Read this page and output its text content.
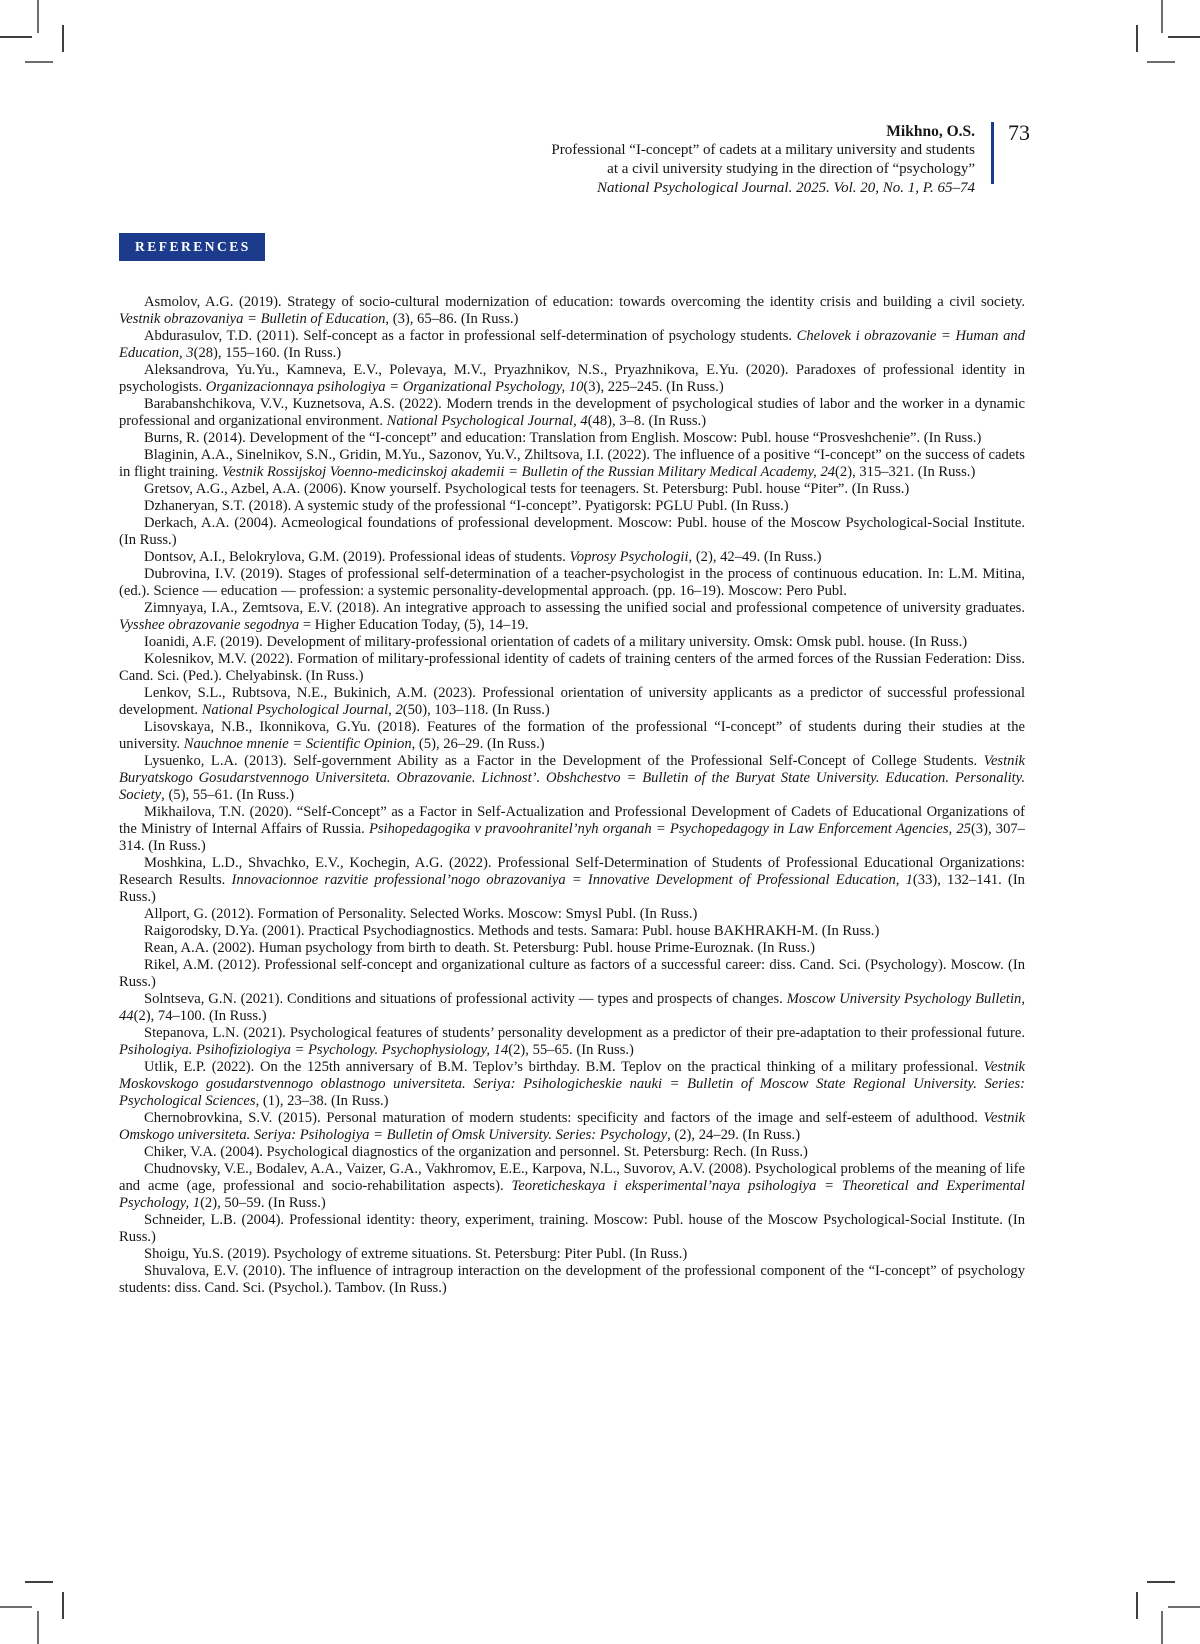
Mikhno, O.S.
Professional “I-concept” of cadets at a military university and students
at a civil university studying in the direction of “psychology”
National Psychological Journal. 2025. Vol. 20, No. 1, P. 65–74
73
REFERENCES

Asmolov, A.G. (2019). Strategy of socio-cultural modernization of education: towards overcoming the identity crisis and building a civil society. Vestnik obrazovaniya = Bulletin of Education, (3), 65–86. (In Russ.)

Abdurasulov, T.D. (2011). Self-concept as a factor in professional self-determination of psychology students. Chelovek i obrazovanie = Human and Education, 3(28), 155–160. (In Russ.)

Aleksandrova, Yu.Yu., Kamneva, E.V., Polevaya, M.V., Pryazhnikov, N.S., Pryazhnikova, E.Yu. (2020). Paradoxes of professional identity in psychologists. Organizacionnaya psihologiya = Organizational Psychology, 10(3), 225–245. (In Russ.)

Barabanshchikova, V.V., Kuznetsova, A.S. (2022). Modern trends in the development of psychological studies of labor and the worker in a dynamic professional and organizational environment. National Psychological Journal, 4(48), 3–8. (In Russ.)

Burns, R. (2014). Development of the “I-concept” and education: Translation from English. Moscow: Publ. house “Prosveshchenie”. (In Russ.)

Blaginin, A.A., Sinelnikov, S.N., Gridin, M.Yu., Sazonov, Yu.V., Zhiltsova, I.I. (2022). The influence of a positive “I-concept” on the success of cadets in flight training. Vestnik Rossijskoj Voenno-medicinskoj akademii = Bulletin of the Russian Military Medical Academy, 24(2), 315–321. (In Russ.)

Gretsov, A.G., Azbel, A.A. (2006). Know yourself. Psychological tests for teenagers. St. Petersburg: Publ. house “Piter”. (In Russ.)

Dzhaneryan, S.T. (2018). A systemic study of the professional “I-concept”. Pyatigorsk: PGLU Publ. (In Russ.)

Derkach, A.A. (2004). Acmeological foundations of professional development. Moscow: Publ. house of the Moscow Psychological-Social Institute. (In Russ.)

Dontsov, A.I., Belokrylova, G.M. (2019). Professional ideas of students. Voprosy Psychologii, (2), 42–49. (In Russ.)

Dubrovina, I.V. (2019). Stages of professional self-determination of a teacher-psychologist in the process of continuous education. In: L.M. Mitina, (ed.). Science — education — profession: a systemic personality-developmental approach. (pp. 16–19). Moscow: Pero Publ.

Zimnyaya, I.A., Zemtsova, E.V. (2018). An integrative approach to assessing the unified social and professional competence of university graduates. Vysshee obrazovanie segodnya = Higher Education Today, (5), 14–19.

Ioanidi, A.F. (2019). Development of military-professional orientation of cadets of a military university. Omsk: Omsk publ. house. (In Russ.)

Kolesnikov, M.V. (2022). Formation of military-professional identity of cadets of training centers of the armed forces of the Russian Federation: Diss. Cand. Sci. (Ped.). Chelyabinsk. (In Russ.)

Lenkov, S.L., Rubtsova, N.E., Bukinich, A.M. (2023). Professional orientation of university applicants as a predictor of successful professional development. National Psychological Journal, 2(50), 103–118. (In Russ.)

Lisovskaya, N.B., Ikonnikova, G.Yu. (2018). Features of the formation of the professional “I-concept” of students during their studies at the university. Nauchnoe mnenie = Scientific Opinion, (5), 26–29. (In Russ.)

Lysuenko, L.A. (2013). Self-government Ability as a Factor in the Development of the Professional Self-Concept of College Students. Vestnik Buryatskogo Gosudarstvennogo Universiteta. Obrazovanie. Lichnost’. Obshchestvo = Bulletin of the Buryat State University. Education. Personality. Society, (5), 55–61. (In Russ.)

Mikhailova, T.N. (2020). “Self-Concept” as a Factor in Self-Actualization and Professional Development of Cadets of Educational Organizations of the Ministry of Internal Affairs of Russia. Psihopedagogika v pravoohranitel’nyh organah = Psychopedagogy in Law Enforcement Agencies, 25(3), 307–314. (In Russ.)

Moshkina, L.D., Shvachko, E.V., Kochegin, A.G. (2022). Professional Self-Determination of Students of Professional Educational Organizations: Research Results. Innovacionnoe razvitie professional’nogo obrazovaniya = Innovative Development of Professional Education, 1(33), 132–141. (In Russ.)

Allport, G. (2012). Formation of Personality. Selected Works. Moscow: Smysl Publ. (In Russ.)

Raigorodsky, D.Ya. (2001). Practical Psychodiagnostics. Methods and tests. Samara: Publ. house BAKHRAKH-M. (In Russ.)

Rean, A.A. (2002). Human psychology from birth to death. St. Petersburg: Publ. house Prime-Euroznak. (In Russ.)

Rikel, A.M. (2012). Professional self-concept and organizational culture as factors of a successful career: diss. Cand. Sci. (Psychology). Moscow. (In Russ.)

Solntseva, G.N. (2021). Conditions and situations of professional activity — types and prospects of changes. Moscow University Psychology Bulletin, 44(2), 74–100. (In Russ.)

Stepanova, L.N. (2021). Psychological features of students’ personality development as a predictor of their pre-adaptation to their professional future. Psihologiya. Psihofiziologiya = Psychology. Psychophysiology, 14(2), 55–65. (In Russ.)

Utlik, E.P. (2022). On the 125th anniversary of B.M. Teplov’s birthday. B.M. Teplov on the practical thinking of a military professional. Vestnik Moskovskogo gosudarstvennogo oblastnogo universiteta. Seriya: Psihologicheskie nauki = Bulletin of Moscow State Regional University. Series: Psychological Sciences, (1), 23–38. (In Russ.)

Chernobrovkina, S.V. (2015). Personal maturation of modern students: specificity and factors of the image and self-esteem of adulthood. Vestnik Omskogo universiteta. Seriya: Psihologiya = Bulletin of Omsk University. Series: Psychology, (2), 24–29. (In Russ.)

Chiker, V.A. (2004). Psychological diagnostics of the organization and personnel. St. Petersburg: Rech. (In Russ.)

Chudnovsky, V.E., Bodalev, A.A., Vaizer, G.A., Vakhromov, E.E., Karpova, N.L., Suvorov, A.V. (2008). Psychological problems of the meaning of life and acme (age, professional and socio-rehabilitation aspects). Teoreticheskaya i eksperimental’naya psihologiya = Theoretical and Experimental Psychology, 1(2), 50–59. (In Russ.)

Schneider, L.B. (2004). Professional identity: theory, experiment, training. Moscow: Publ. house of the Moscow Psychological-Social Institute. (In Russ.)

Shoigu, Yu.S. (2019). Psychology of extreme situations. St. Petersburg: Piter Publ. (In Russ.)

Shuvalova, E.V. (2010). The influence of intragroup interaction on the development of the professional component of the “I-concept” of psychology students: diss. Cand. Sci. (Psychol.). Tambov. (In Russ.)
